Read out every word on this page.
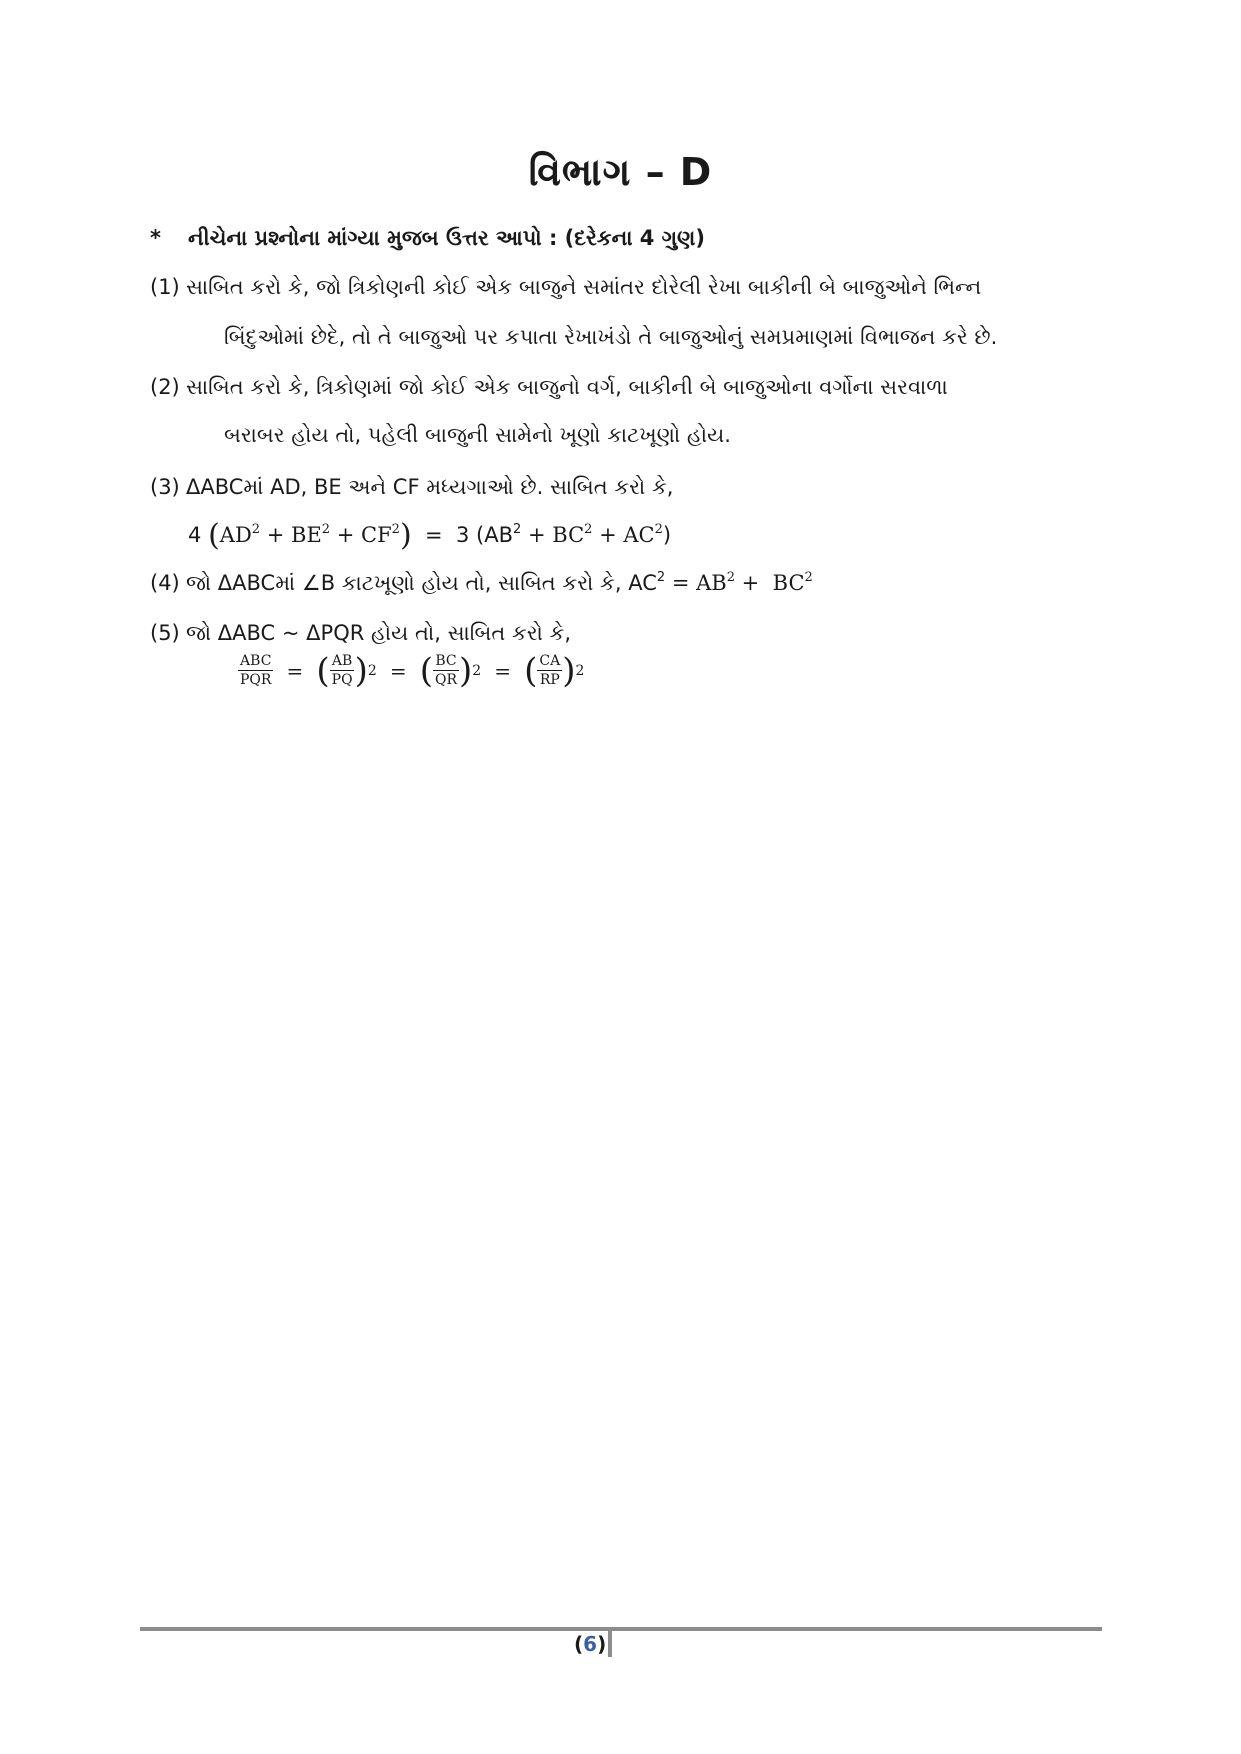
વિભાગ – D
* નીચેના પ્રશ્નોના માંગ્યા મુજબ ઉત્તર આપો : (દરેકના 4 ગુણ)
(1) સાબિત કરો કે, જો ત્રિકોણની કોઈ એક બાજુને સમાંતર દોરેલી રેખા બાકીની બે બાજુઓને ભિન્ન
બિંદુઓમાં છેદે, તો તે બાજુઓ પર કપાતા રેખાખંડો તે બાજુઓનું સમપ્રમાણમાં વિભાજન કરે છે.
(2) સાબિત કરો કે, ત્રિકોણમાં જો કોઈ એક બાજુનો વર્ગ, બાકીની બે બાજુઓના વર્ગોના સરવાળા
બરાબર હોય તો, પહેલી બાજુની સામેનો ખૂણો કાટખૂણો હોય.
(3) ΔABCમાં AD, BE અને CF મધ્યગાઓ છે. સાબિત કરો કે,
4 $(AD^2 + BE^2 + CF^2) = 3$ $(AB^2 + BC^2 + AC^2)$
(4) જો ΔABCમાં ∠B કાટખૂણો હોય તો, સાબિત કરો કે, $AC^2 = AB^2 + BC^2$
(5) જો ΔABC ~ ΔPQR હોય તો, સાબિત કરો કે,
$\frac{\text{ABC}}{\text{PQR}}$ = ( $\frac{AB}{PQ}$ ) 2 = ( $\frac{BC}{QR}$ ) 2 = ( $\frac{CA}{RP}$ ) 2
(6)
